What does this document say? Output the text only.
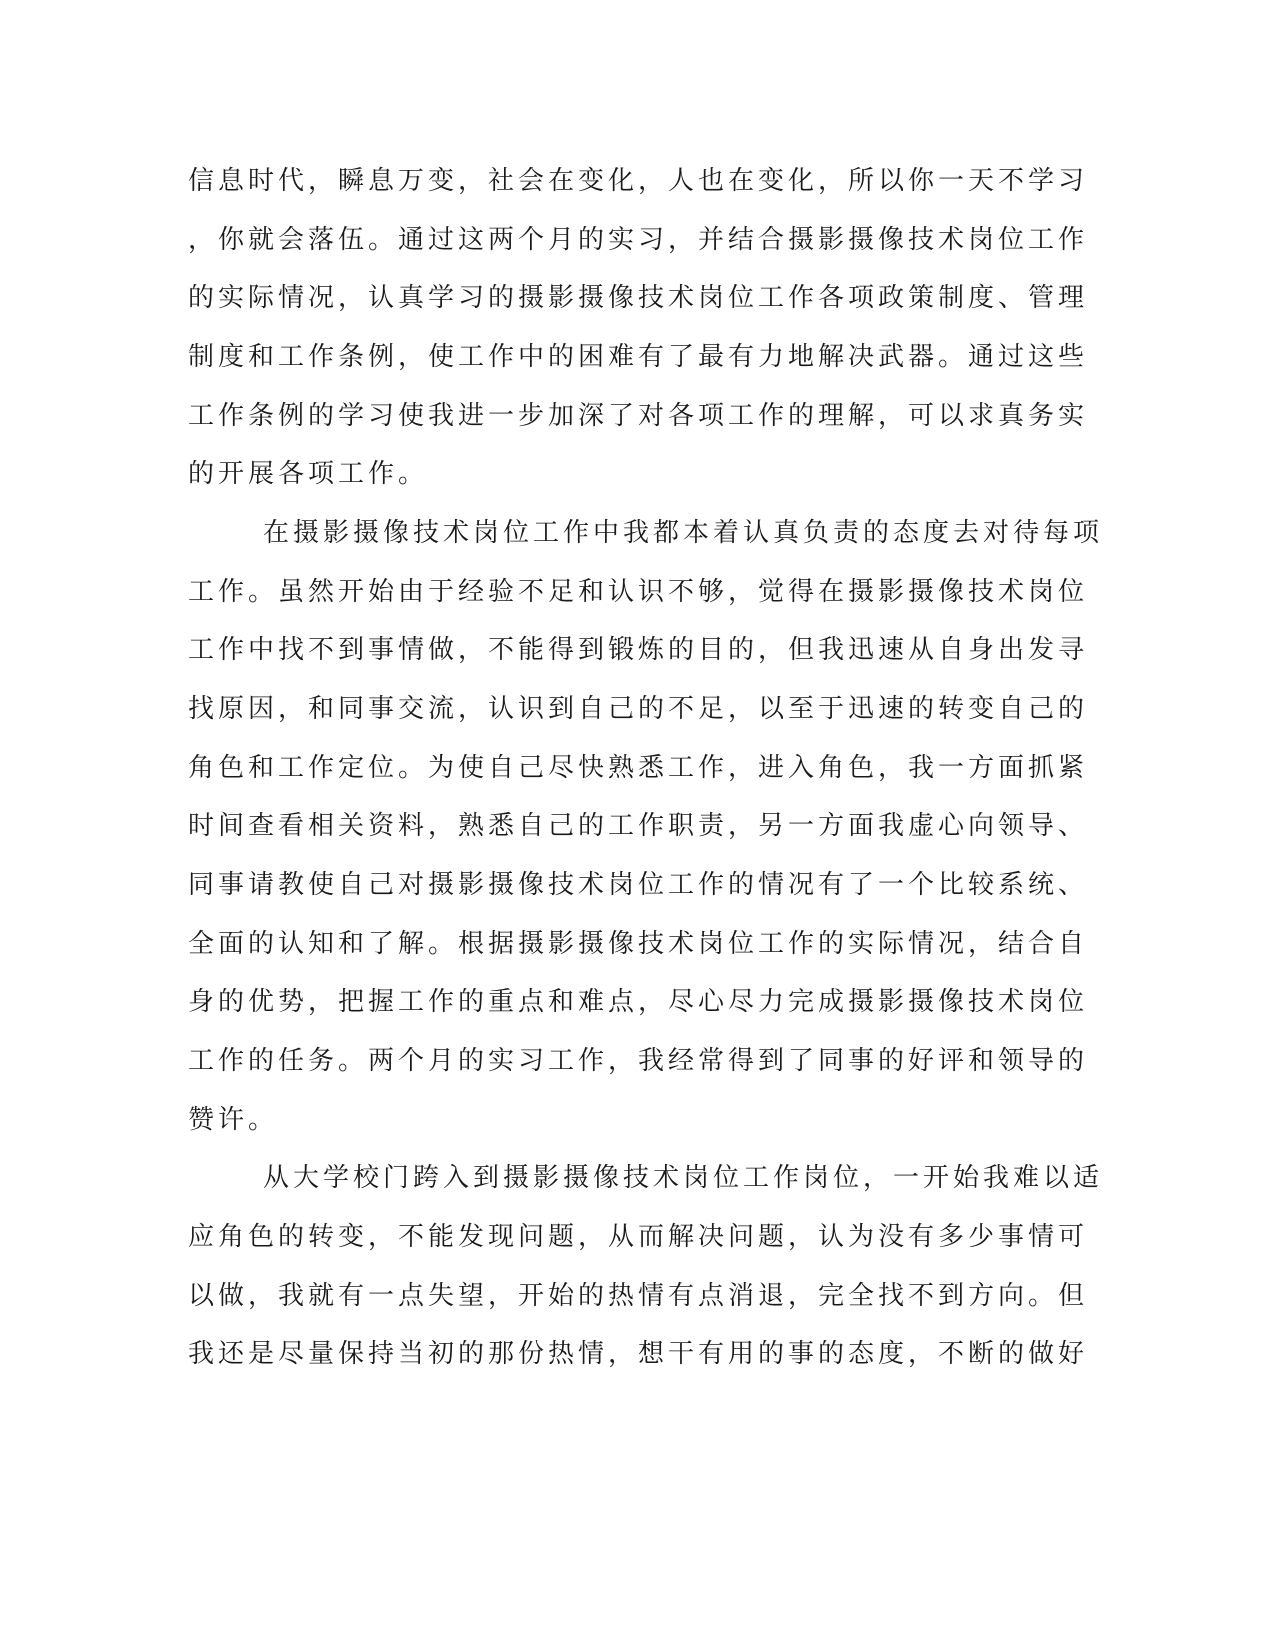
信息时代，瞬息万变，社会在变化，人也在变化，所以你一天不学习
，你就会落伍。通过这两个月的实习，并结合摄影摄像技术岗位工作
的实际情况，认真学习的摄影摄像技术岗位工作各项政策制度、管理
制度和工作条例，使工作中的困难有了最有力地解决武器。通过这些
工作条例的学习使我进一步加深了对各项工作的理解，可以求真务实
的开展各项工作。
在摄影摄像技术岗位工作中我都本着认真负责的态度去对待每项
工作。虽然开始由于经验不足和认识不够，觉得在摄影摄像技术岗位
工作中找不到事情做，不能得到锻炼的目的，但我迅速从自身出发寻
找原因，和同事交流，认识到自己的不足，以至于迅速的转变自己的
角色和工作定位。为使自己尽快熟悉工作，进入角色，我一方面抓紧
时间查看相关资料，熟悉自己的工作职责，另一方面我虚心向领导、
同事请教使自己对摄影摄像技术岗位工作的情况有了一个比较系统、
全面的认知和了解。根据摄影摄像技术岗位工作的实际情况，结合自
身的优势，把握工作的重点和难点，尽心尽力完成摄影摄像技术岗位
工作的任务。两个月的实习工作，我经常得到了同事的好评和领导的
赞许。
从大学校门跨入到摄影摄像技术岗位工作岗位，一开始我难以适
应角色的转变，不能发现问题，从而解决问题，认为没有多少事情可
以做，我就有一点失望，开始的热情有点消退，完全找不到方向。但
我还是尽量保持当初的那份热情，想干有用的事的态度，不断的做好
